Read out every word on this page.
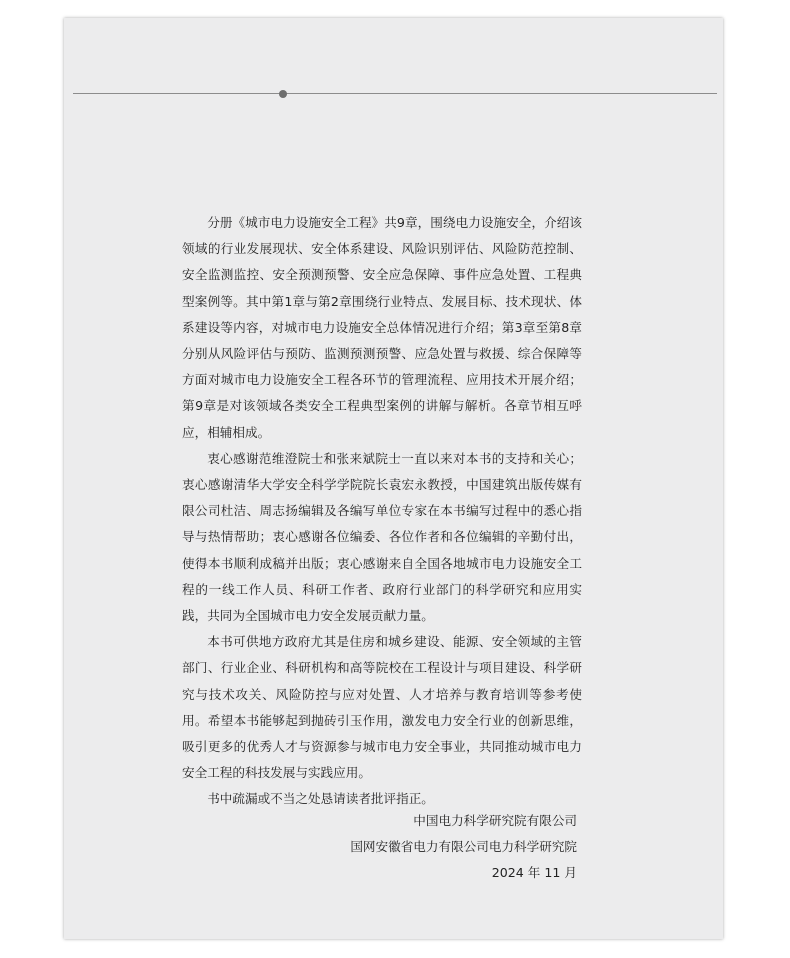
分册《城市电力设施安全工程》共9章，围绕电力设施安全，介绍该领域的行业发展现状、安全体系建设、风险识别评估、风险防范控制、安全监测监控、安全预测预警、安全应急保障、事件应急处置、工程典型案例等。其中第1章与第2章围绕行业特点、发展目标、技术现状、体系建设等内容，对城市电力设施安全总体情况进行介绍；第3章至第8章分别从风险评估与预防、监测预测预警、应急处置与救援、综合保障等方面对城市电力设施安全工程各环节的管理流程、应用技术开展介绍；第9章是对该领域各类安全工程典型案例的讲解与解析。各章节相互呼应，相辅相成。

衷心感谢范维澄院士和张来斌院士一直以来对本书的支持和关心；衷心感谢清华大学安全科学学院院长袁宏永教授，中国建筑出版传媒有限公司杜洁、周志扬编辑及各编写单位专家在本书编写过程中的悉心指导与热情帮助；衷心感谢各位编委、各位作者和各位编辑的辛勤付出，使得本书顺利成稿并出版；衷心感谢来自全国各地城市电力设施安全工程的一线工作人员、科研工作者、政府行业部门的科学研究和应用实践，共同为全国城市电力安全发展贡献力量。

本书可供地方政府尤其是住房和城乡建设、能源、安全领域的主管部门、行业企业、科研机构和高等院校在工程设计与项目建设、科学研究与技术攻关、风险防控与应对处置、人才培养与教育培训等参考使用。希望本书能够起到抛砖引玉作用，激发电力安全行业的创新思维，吸引更多的优秀人才与资源参与城市电力安全事业，共同推动城市电力安全工程的科技发展与实践应用。

书中疏漏或不当之处恳请读者批评指正。

中国电力科学研究院有限公司
国网安徽省电力有限公司电力科学研究院
2024 年 11 月
